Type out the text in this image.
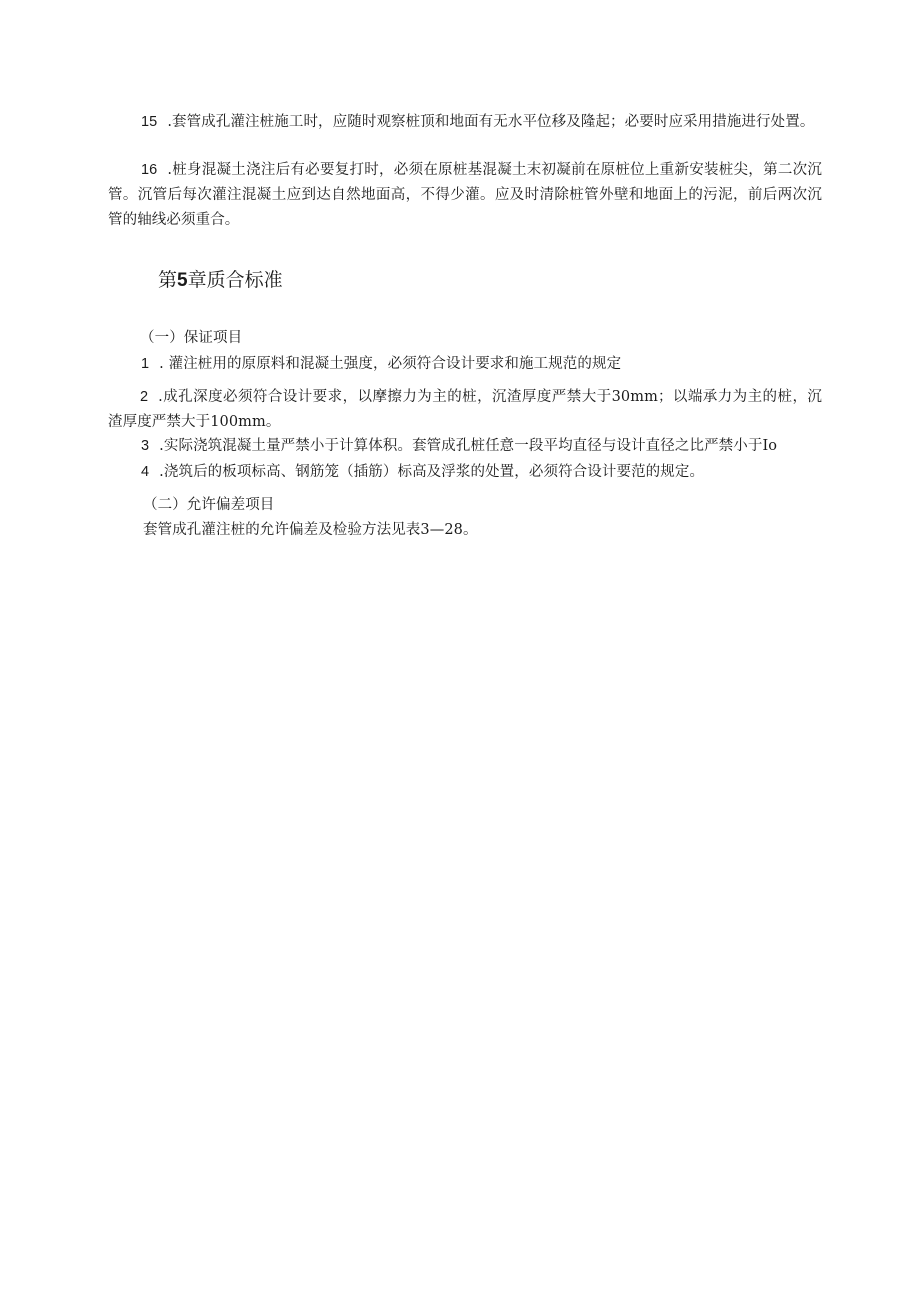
15 .套管成孔灌注桩施工时，应随时观察桩顶和地面有无水平位移及隆起；必要时应采用措施进行处置。

16 .桩身混凝土浇注后有必要复打时，必须在原桩基混凝土末初凝前在原桩位上重新安装桩尖，第二次沉管。沉管后每次灌注混凝土应到达自然地面高，不得少灌。应及时清除桩管外壁和地面上的污泥，前后两次沉管的轴线必须重合。

第5章质合标准

（一）保证项目

1 . 灌注桩用的原原料和混凝土强度，必须符合设计要求和施工规范的规定

2 .成孔深度必须符合设计要求，以摩擦力为主的桩，沉渣厚度严禁大于30mm；以端承力为主的桩，沉渣厚度严禁大于100mm。

3 .实际浇筑混凝土量严禁小于计算体积。套管成孔桩任意一段平均直径与设计直径之比严禁小于Io

4 .浇筑后的板项标高、钢筋笼（插筋）标高及浮浆的处置，必须符合设计要范的规定。

（二）允许偏差项目

套管成孔灌注桩的允许偏差及检验方法见表3—28。
